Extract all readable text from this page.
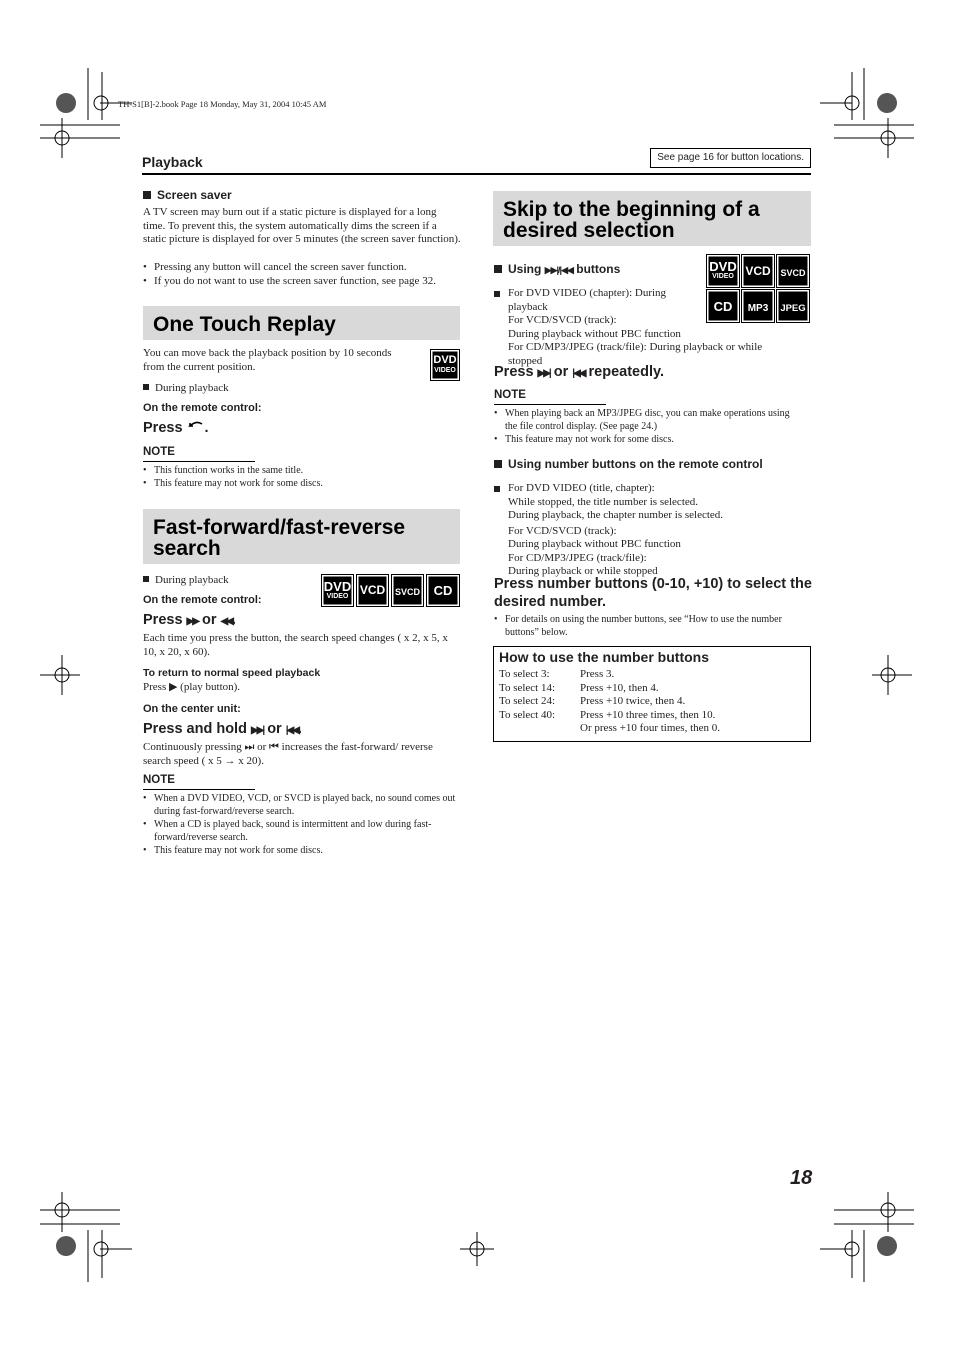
TH-S1[B]-2.book Page 18 Monday, May 31, 2004 10:45 AM
Playback	See page 16 for button locations.
Screen saver
A TV screen may burn out if a static picture is displayed for a long time. To prevent this, the system automatically dims the screen if a static picture is displayed for over 5 minutes (the screen saver function).
• Pressing any button will cancel the screen saver function.
• If you do not want to use the screen saver function, see page 32.
One Touch Replay
You can move back the playback position by 10 seconds from the current position.
DVD
VIDEO
During playback
On the remote control:
Press .
NOTE
• This function works in the same title.
• This feature may not work for some discs.
Fast-forward/fast-reverse
search
During playback	DVD
VIDEO VCD	SVCD	CD
On the remote control:
Press ▶▶ or ◀◀.
Each time you press the button, the search speed changes ( x 2, x 5, x 10, x 20, x 60).
To return to normal speed playback
Press ▶ (play button).
On the center unit:
Press and hold ▶▶| or |◀◀.
Continuously pressing ⏭ or ⏮ increases the fast-forward/ reverse search speed ( x 5 → x 20).
NOTE
• When a DVD VIDEO, VCD, or SVCD is played back, no sound comes out during fast-forward/reverse search.
• When a CD is played back, sound is intermittent and low during fast-forward/reverse search.
• This feature may not work for some discs.
Skip to the beginning of a
desired selection
Using ▶▶|/|◀◀ buttons	DVD
VIDEO VCD	SVCD
CD	MP3	JPEG
For DVD VIDEO (chapter): During playback
For VCD/SVCD (track):
During playback without PBC function
For CD/MP3/JPEG (track/file): During playback or while stopped
Press ▶▶| or |◀◀ repeatedly.
NOTE
• When playing back an MP3/JPEG disc, you can make operations using the file control display. (See page 24.)
• This feature may not work for some discs.
Using number buttons on the remote control
For DVD VIDEO (title, chapter):
While stopped, the title number is selected.
During playback, the chapter number is selected.
For VCD/SVCD (track):
During playback without PBC function
For CD/MP3/JPEG (track/file):
During playback or while stopped
Press number buttons (0-10, +10) to select the desired number.
• For details on using the number buttons, see “How to use the number buttons” below.
How to use the number buttons
To select 3:	Press 3.
To select 14: Press +10, then 4.
To select 24: Press +10 twice, then 4.
To select 40: Press +10 three times, then 10.
Or press +10 four times, then 0.
18
